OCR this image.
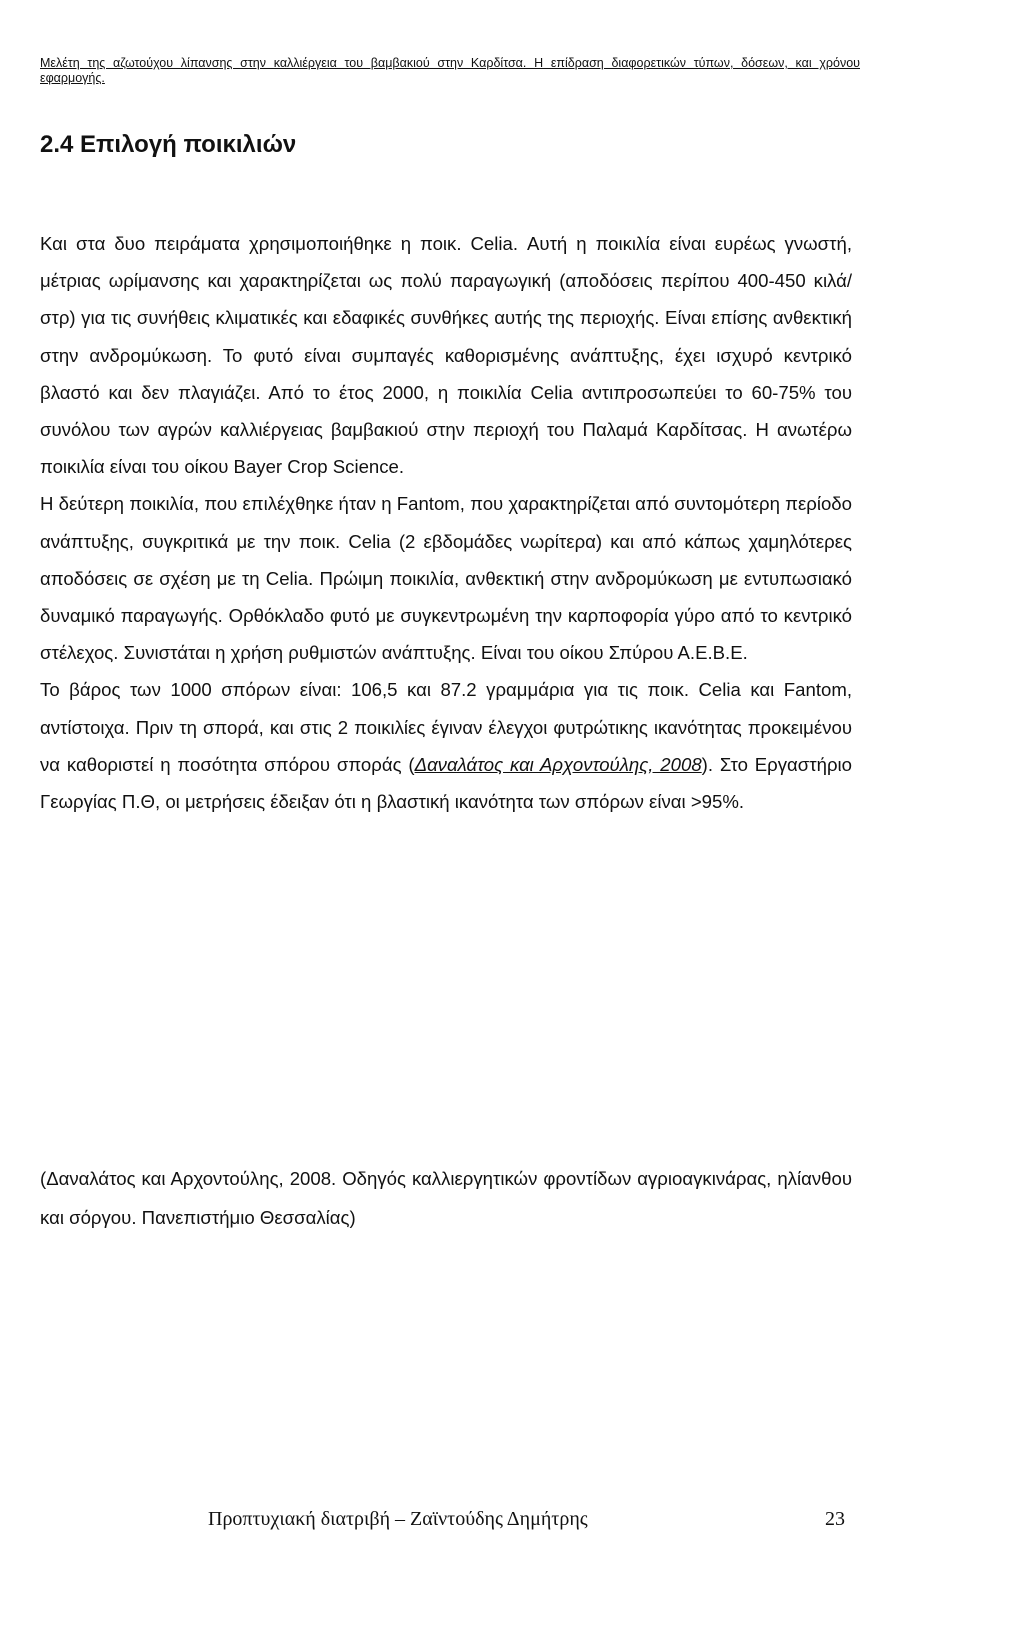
Μελέτη της αζωτούχου λίπανσης στην καλλιέργεια του βαμβακιού στην Καρδίτσα. Η επίδραση διαφορετικών τύπων, δόσεων, και χρόνου εφαρμογής.
2.4 Επιλογή ποικιλιών

Και στα δυο πειράματα χρησιμοποιήθηκε η ποικ. Celia. Αυτή η ποικιλία είναι ευρέως γνωστή, μέτριας ωρίμανσης και χαρακτηρίζεται ως πολύ παραγωγική (αποδόσεις περίπου 400-450 κιλά/στρ) για τις συνήθεις κλιματικές και εδαφικές συνθήκες αυτής της περιοχής. Είναι επίσης ανθεκτική στην ανδρομύκωση. Το φυτό είναι συμπαγές καθορισμένης ανάπτυξης, έχει ισχυρό κεντρικό βλαστό και δεν πλαγιάζει. Από το έτος 2000, η ποικιλία Celia αντιπροσωπεύει το 60-75% του συνόλου των αγρών καλλιέργειας βαμβακιού στην περιοχή του Παλαμά Καρδίτσας. Η ανωτέρω ποικιλία είναι του οίκου Bayer Crop Science.

Η δεύτερη ποικιλία, που επιλέχθηκε ήταν η Fantom, που χαρακτηρίζεται από συντομότερη περίοδο ανάπτυξης, συγκριτικά με την ποικ. Celia (2 εβδομάδες νωρίτερα) και από κάπως χαμηλότερες αποδόσεις σε σχέση με τη Celia. Πρώιμη ποικιλία, ανθεκτική στην ανδρομύκωση με εντυπωσιακό δυναμικό παραγωγής. Ορθόκλαδο φυτό με συγκεντρωμένη την καρποφορία γύρο από το κεντρικό στέλεχος. Συνιστάται η χρήση ρυθμιστών ανάπτυξης. Είναι του οίκου Σπύρου Α.Ε.Β.Ε.

Το βάρος των 1000 σπόρων είναι: 106,5 και 87.2 γραμμάρια για τις ποικ. Celia και Fantom, αντίστοιχα. Πριν τη σπορά, και στις 2 ποικιλίες έγιναν έλεγχοι φυτρώτικης ικανότητας προκειμένου να καθοριστεί η ποσότητα σπόρου σποράς (Δαναλάτος και Αρχοντούλης, 2008). Στο Εργαστήριο Γεωργίας Π.Θ, οι μετρήσεις έδειξαν ότι η βλαστική ικανότητα των σπόρων είναι >95%.

(Δαναλάτος και Αρχοντούλης, 2008. Οδηγός καλλιεργητικών φροντίδων αγριοαγκινάρας, ηλίανθου και σόργου. Πανεπιστήμιο Θεσσαλίας)

Προπτυχιακή διατριβή – Ζαϊντούδης Δημήτρης	23
